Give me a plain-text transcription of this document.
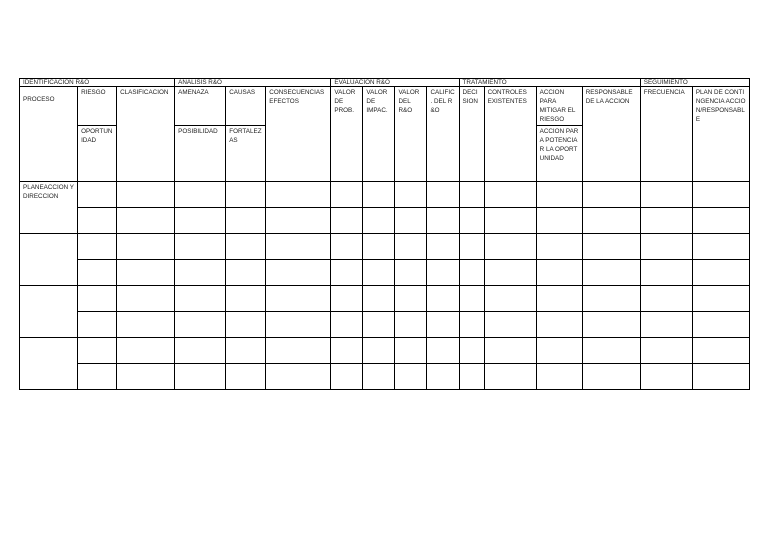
IDENTIFICACION R&O			ANALISIS R&O			EVALUACION R&O				TRATAMIENTO				SEGUIMIENTO	

PROCESO	RIESGO	CLASIFICACION	AMENAZA	CAUSAS	CONSECUENCIAS EFECTOS	VALOR DE PROB.	VALOR DE IMPAC.	VALOR DEL R&O	CALIFIC . DEL R&O	DECISION	CONTROLES EXISTENTES	ACCION PARA MITIGAR EL RIESGO	RESPONSABLE DE LA ACCION	FRECUENCIA	PLAN DE CONTINGENCIA ACCION/RESPONSABLE
	OPORTUNIDAD		POSIBILIDAD	FORTALEZAS								ACCION PARA POTENCIAR LA OPORTUNIDAD			
PLANEACCION Y DIRECCION															
